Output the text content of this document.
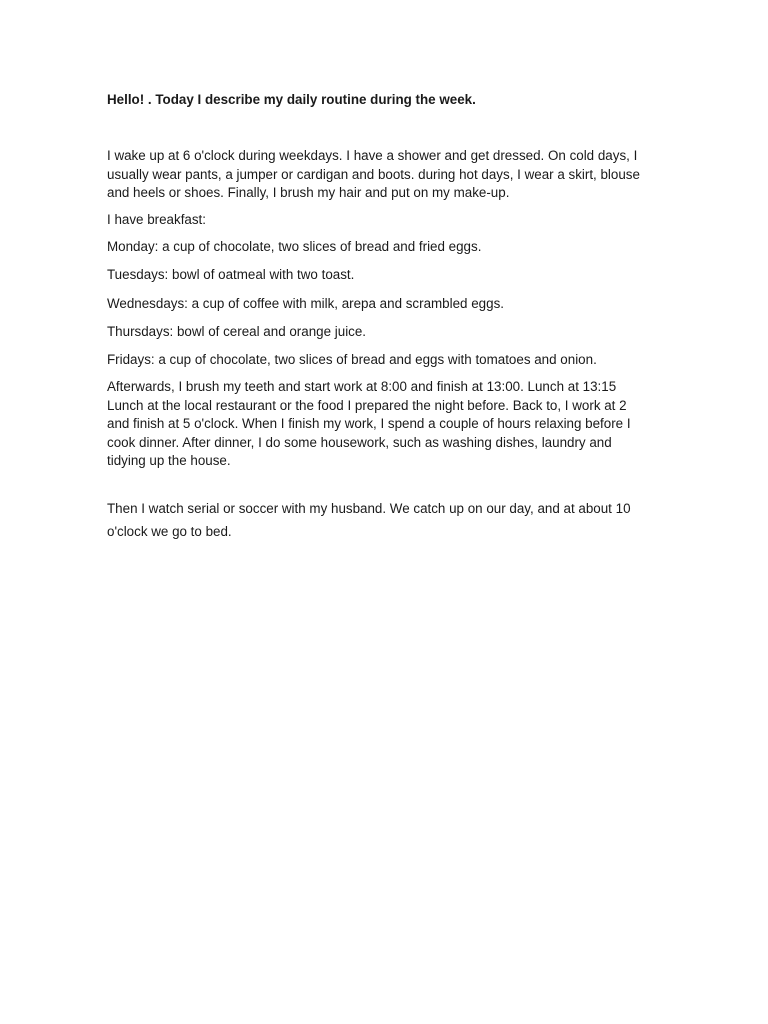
Hello! . Today I describe my daily routine during the week.

I wake up at 6 o'clock during weekdays. I have a shower and get dressed. On cold days, I
usually wear pants, a jumper or cardigan and boots. during hot days, I wear a skirt, blouse
and heels or shoes. Finally, I brush my hair and put on my make-up.

I have breakfast:

Monday: a cup of chocolate, two slices of bread and fried eggs.

Tuesdays: bowl of oatmeal with two toast.

Wednesdays: a cup of coffee with milk, arepa and scrambled eggs.

Thursdays: bowl of cereal and orange juice.

Fridays: a cup of chocolate, two slices of bread and eggs with tomatoes and onion.

Afterwards, I brush my teeth and start work at 8:00 and finish at 13:00. Lunch at 13:15
Lunch at the local restaurant or the food I prepared the night before. Back to, I work at 2
and finish at 5 o'clock. When I finish my work, I spend a couple of hours relaxing before I
cook dinner. After dinner, I do some housework, such as washing dishes, laundry and
tidying up the house.

Then I watch serial or soccer with my husband. We catch up on our day, and at about 10
o'clock we go to bed.
